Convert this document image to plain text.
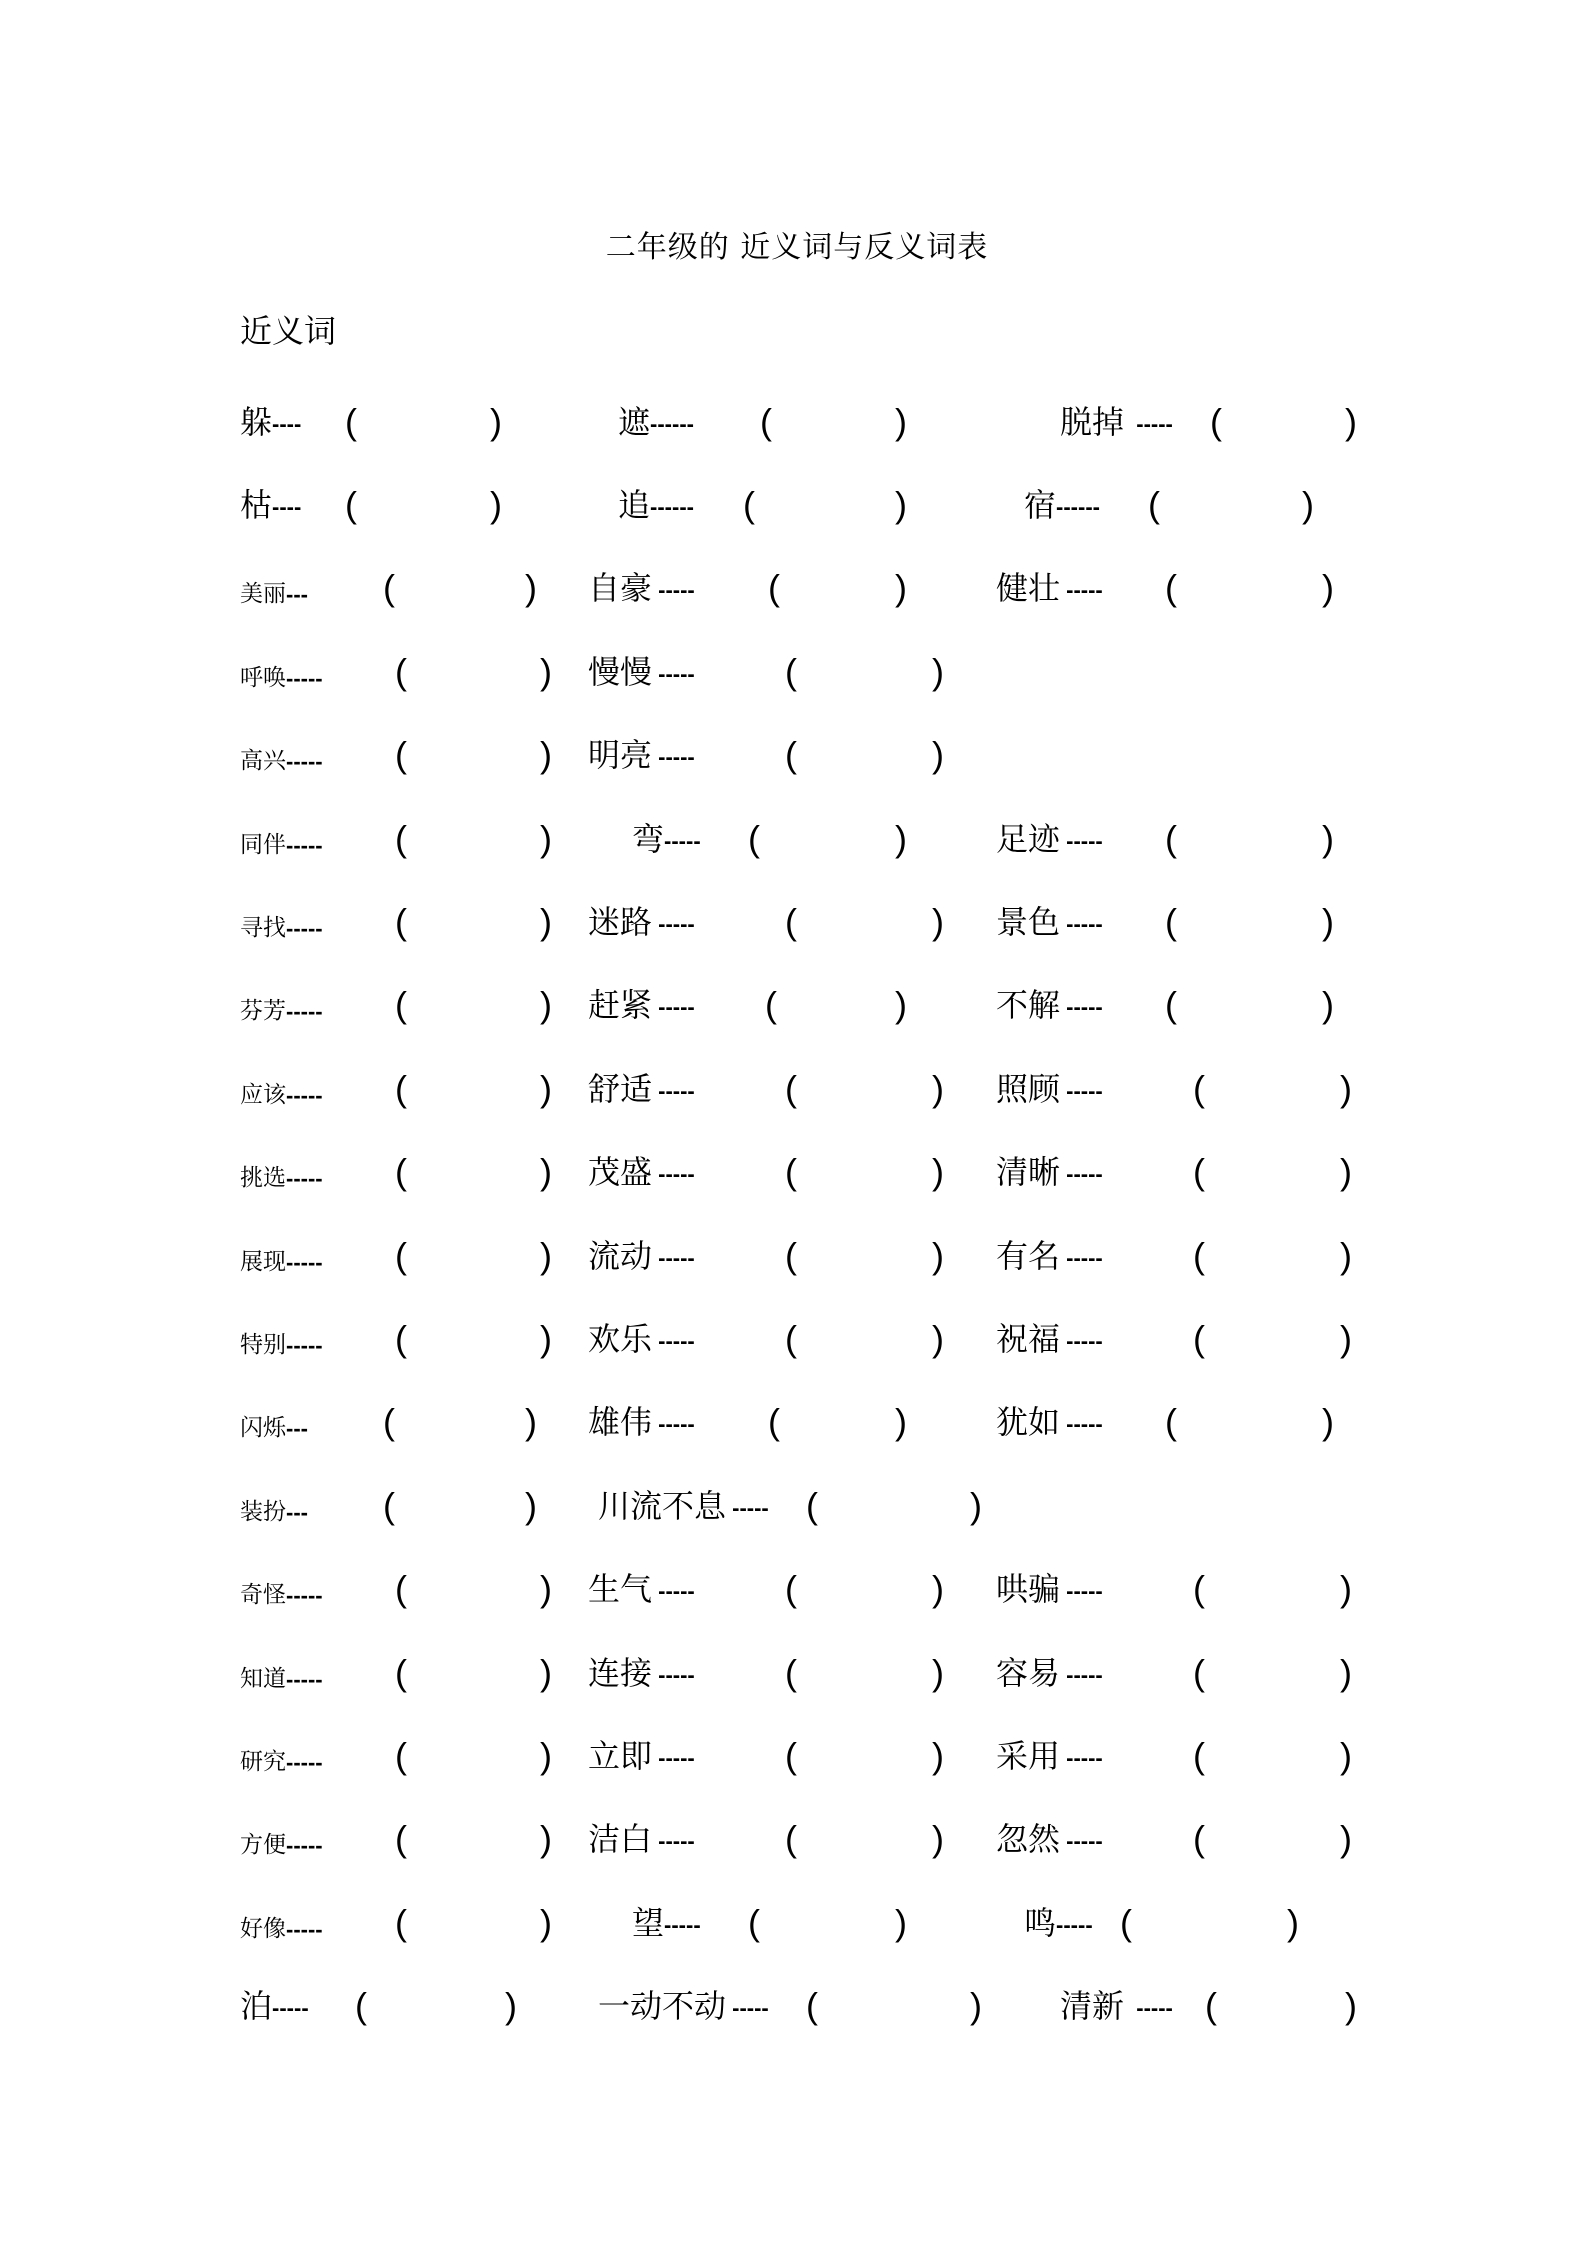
二年级的 近义词与反义词表
近义词
躲---- (	)	遮------ (	)	脱掉  ----- (	)
枯---- (	)	追------ (	)	宿------ (	)
美丽--- (	) 自豪 ----- (	)	健壮 ----- (	)
呼唤----- (	) 慢慢 -----	(	)
高兴----- (	) 明亮 -----	(	)
同伴----- (	)	弯----- (	)	足迹 ----- (	)
寻找----- (	) 迷路 -----	(	) 景色 ----- (	)
芬芳----- (	) 赶紧 ----- (	)	不解 ----- (	)
应该----- (	) 舒适 -----	(	) 照顾 -----	(	)
挑选----- (	) 茂盛 -----	(	) 清晰 -----	(	)
展现----- (	) 流动 -----	(	) 有名 -----	(	)
特别----- (	) 欢乐 -----	(	) 祝福 -----	(	)
闪烁--- (	) 雄伟 ----- (	)	犹如 ----- (	)
装扮--- (	) 川流不息 ----- (	)
奇怪----- (	) 生气 -----	(	) 哄骗 -----	(	)
知道----- (	) 连接 -----	(	) 容易 -----	(	)
研究----- (	) 立即 -----	(	) 采用 -----	(	)
方便----- (	) 洁白 -----	(	) 忽然 -----	(	)
好像----- (	)	望----- (	)	鸣----- (	)
泊----- (	)	一动不动 ----- (	) 清新  ----- (	)
